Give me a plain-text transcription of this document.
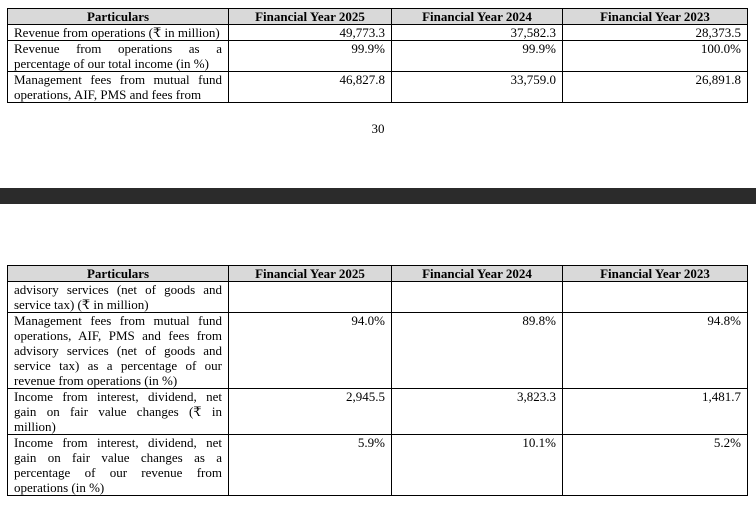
Particulars	Financial Year 2025	Financial Year 2024	Financial Year 2023
Revenue from operations (₹ in million)	49,773.3	37,582.3	28,373.5
Revenue from operations as a percentage of our total income (in %)	99.9%	99.9%	100.0%
Management fees from mutual fund operations, AIF, PMS and fees from	46,827.8	33,759.0	26,891.8
30
Particulars	Financial Year 2025	Financial Year 2024	Financial Year 2023
advisory services (net of goods and service tax) (₹ in million)			
Management fees from mutual fund operations, AIF, PMS and fees from advisory services (net of goods and service tax) as a percentage of our revenue from operations (in %)	94.0%	89.8%	94.8%
Income from interest, dividend, net gain on fair value changes (₹ in million)	2,945.5	3,823.3	1,481.7
Income from interest, dividend, net gain on fair value changes as a percentage of our revenue from operations (in %)	5.9%	10.1%	5.2%
